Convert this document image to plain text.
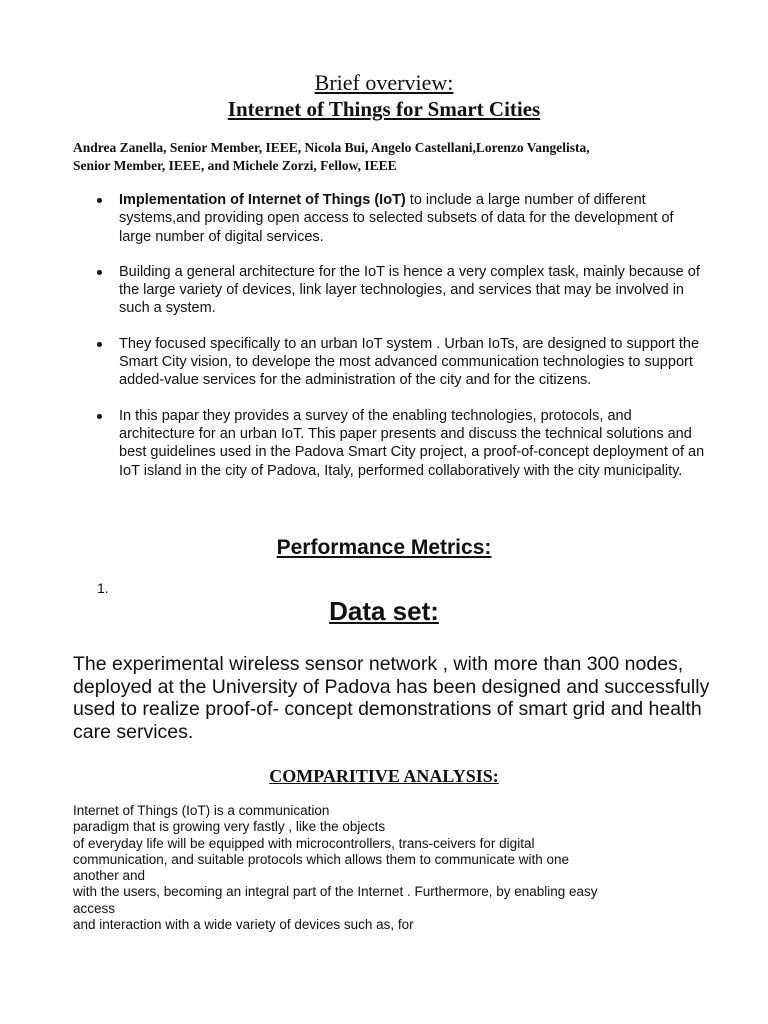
Brief overview:
Internet of Things for Smart Cities
Andrea Zanella, Senior Member, IEEE, Nicola Bui, Angelo Castellani,Lorenzo Vangelista,
Senior Member, IEEE, and Michele Zorzi, Fellow, IEEE
Implementation of Internet of Things (IoT) to include a large number of different systems,and providing open access to selected subsets of data for the development of large number of digital services.
Building a general architecture for the IoT is hence a very complex task, mainly because of the large variety of devices, link layer technologies, and services that may be involved in such a system.
They focused specifically to an urban IoT system . Urban IoTs, are designed to support the Smart City vision, to develope the most advanced communication technologies to support added-value services for the administration of the city and for the citizens.
In this papar they provides a survey of the enabling technologies, protocols, and architecture for an urban IoT. This paper presents and discuss the technical solutions and best guidelines used in the Padova Smart City project, a proof-of-concept deployment of an IoT island in the city of Padova, Italy, performed collaboratively with the city municipality.
Performance Metrics:
1.
Data set:
The experimental wireless sensor network , with more than 300 nodes, deployed at the University of Padova has been designed and successfully used to realize proof-of- concept demonstrations of smart grid and health care services.
COMPARITIVE ANALYSIS:
Internet of Things (IoT) is a communication
paradigm that is growing very fastly , like the objects
of everyday life will be equipped with microcontrollers, trans-ceivers for digital
communication, and suitable protocols which allows them to communicate with one
another and
with the users, becoming an integral part of the Internet . Furthermore, by enabling easy
access
and interaction with a wide variety of devices such as, for
